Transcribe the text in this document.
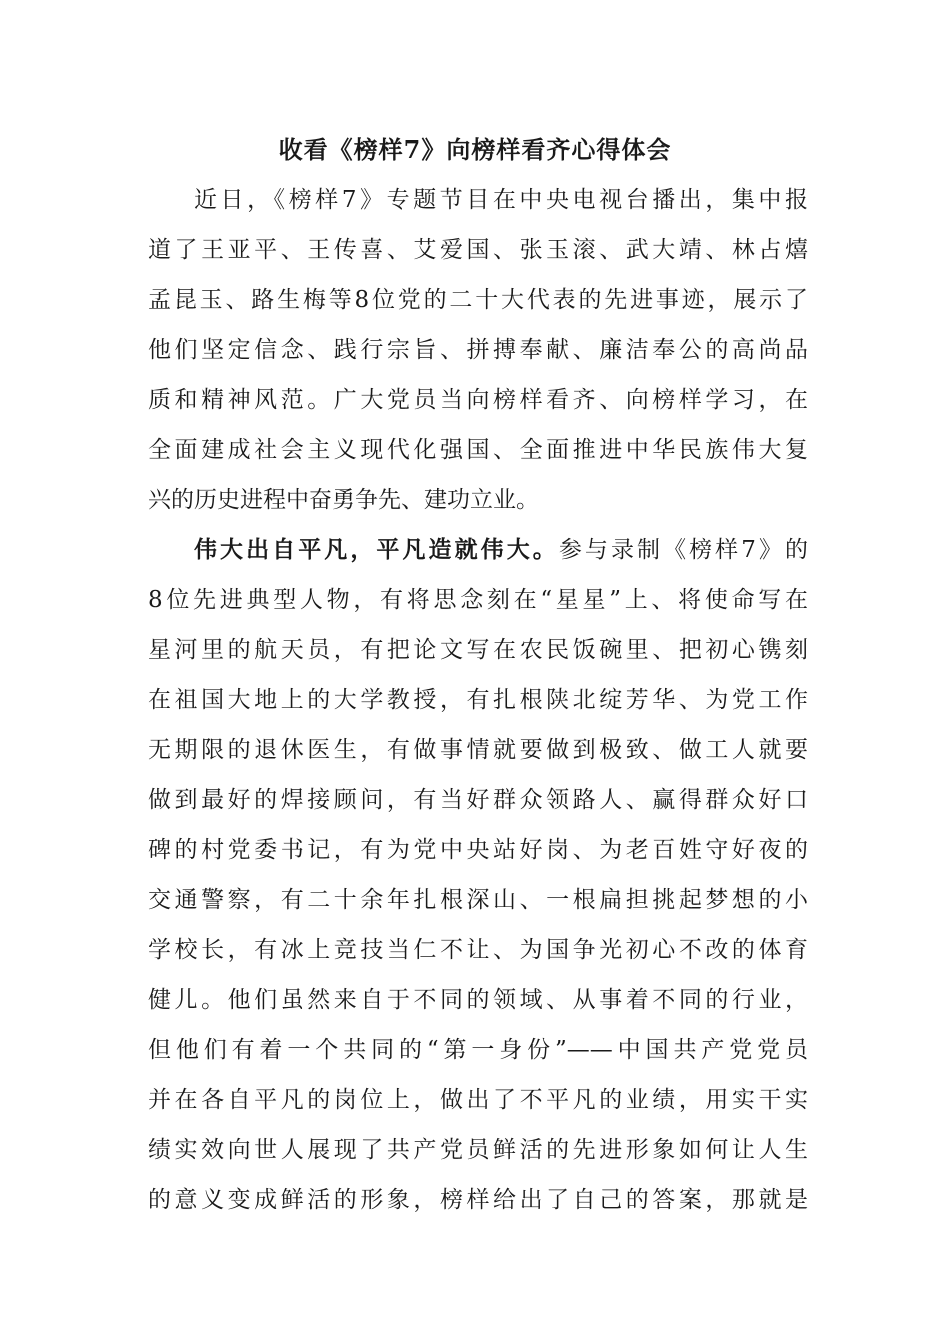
收看《榜样7》向榜样看齐心得体会
近日，《榜样7》专题节目在中央电视台播出，集中报
道了王亚平、王传喜、艾爱国、张玉滚、武大靖、林占熺
孟昆玉、路生梅等8位党的二十大代表的先进事迹，展示了
他们坚定信念、践行宗旨、拼搏奉献、廉洁奉公的高尚品
质和精神风范。广大党员当向榜样看齐、向榜样学习，在
全面建成社会主义现代化强国、全面推进中华民族伟大复
兴的历史进程中奋勇争先、建功立业。
伟大出自平凡，平凡造就伟大。参与录制《榜样7》的
8位先进典型人物，有将思念刻在“星星”上、将使命写在
星河里的航天员，有把论文写在农民饭碗里、把初心镌刻
在祖国大地上的大学教授，有扎根陕北绽芳华、为党工作
无期限的退休医生，有做事情就要做到极致、做工人就要
做到最好的焊接顾问，有当好群众领路人、赢得群众好口
碑的村党委书记，有为党中央站好岗、为老百姓守好夜的
交通警察，有二十余年扎根深山、一根扁担挑起梦想的小
学校长，有冰上竞技当仁不让、为国争光初心不改的体育
健儿。他们虽然来自于不同的领域、从事着不同的行业，
但他们有着一个共同的“第一身份”——中国共产党党员
并在各自平凡的岗位上，做出了不平凡的业绩，用实干实
绩实效向世人展现了共产党员鲜活的先进形象如何让人生
的意义变成鲜活的形象，榜样给出了自己的答案，那就是
